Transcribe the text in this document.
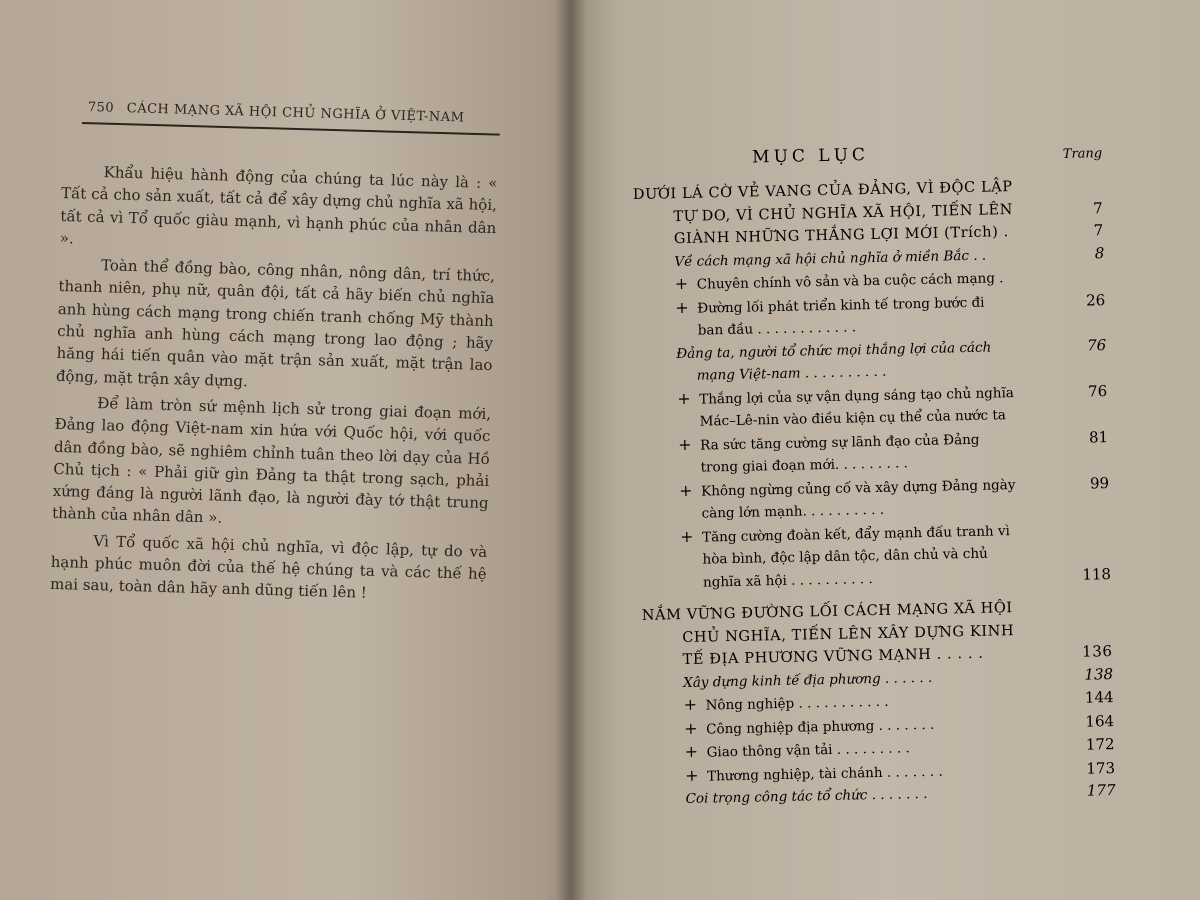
750 CÁCH MẠNG XÃ HỘI CHỦ NGHĨA Ở VIỆT-NAM

Khẩu hiệu hành động của chúng ta lúc này là : « Tất cả cho sản xuất, tất cả để xây dựng chủ nghĩa xã hội, tất cả vì Tổ quốc giàu mạnh, vì hạnh phúc của nhân dân ».

Toàn thể đồng bào, công nhân, nông dân, trí thức, thanh niên, phụ nữ, quân đội, tất cả hãy biến chủ nghĩa anh hùng cách mạng trong chiến tranh chống Mỹ thành chủ nghĩa anh hùng cách mạng trong lao động ; hãy hăng hái tiến quân vào mặt trận sản xuất, mặt trận lao động, mặt trận xây dựng.

Để làm tròn sứ mệnh lịch sử trong giai đoạn mới, Đảng lao động Việt-nam xin hứa với Quốc hội, với quốc dân đồng bào, sẽ nghiêm chỉnh tuân theo lời dạy của Hồ Chủ tịch : « Phải giữ gìn Đảng ta thật trong sạch, phải xứng đáng là người lãnh đạo, là người đày tớ thật trung thành của nhân dân ».

Vì Tổ quốc xã hội chủ nghĩa, vì độc lập, tự do và hạnh phúc muôn đời của thế hệ chúng ta và các thế hệ mai sau, toàn dân hãy anh dũng tiến lên !

MỤC LỤC	Trang
DƯỚI LÁ CỜ VẺ VANG CỦA ĐẢNG, VÌ ĐỘC LẬP
TỰ DO, VÌ CHỦ NGHĨA XÃ HỘI, TIẾN LÊN	7
GIÀNH NHỮNG THẮNG LỢI MỚI (Trích) .	7
Về cách mạng xã hội chủ nghĩa ở miền Bắc . .	8
+ Chuyên chính vô sản và ba cuộc cách mạng .
+ Đường lối phát triển kinh tế trong bước đi	26
ban đầu . . . . . . . . . . . .
Đảng ta, người tổ chức mọi thắng lợi của cách	76
mạng Việt-nam . . . . . . . . . .
+ Thắng lợi của sự vận dụng sáng tạo chủ nghĩa	76
Mác–Lê-nin vào điều kiện cụ thể của nước ta
+ Ra sức tăng cường sự lãnh đạo của Đảng	81
trong giai đoạn mới. . . . . . . . .
+ Không ngừng củng cố và xây dựng Đảng ngày	99
càng lớn mạnh. . . . . . . . . .
+ Tăng cường đoàn kết, đẩy mạnh đấu tranh vì
hòa bình, độc lập dân tộc, dân chủ và chủ
nghĩa xã hội . . . . . . . . . .	118
NẮM VỮNG ĐƯỜNG LỐI CÁCH MẠNG XÃ HỘI
CHỦ NGHĨA, TIẾN LÊN XÂY DỰNG KINH
TẾ ĐỊA PHƯƠNG VỮNG MẠNH . . . . .	136
Xây dựng kinh tế địa phương . . . . . .	138
+ Nông nghiệp . . . . . . . . . . .	144
+ Công nghiệp địa phương . . . . . . .	164
+ Giao thông vận tải . . . . . . . . .	172
+ Thương nghiệp, tài chánh . . . . . . .	173
Coi trọng công tác tổ chức . . . . . . .	177
